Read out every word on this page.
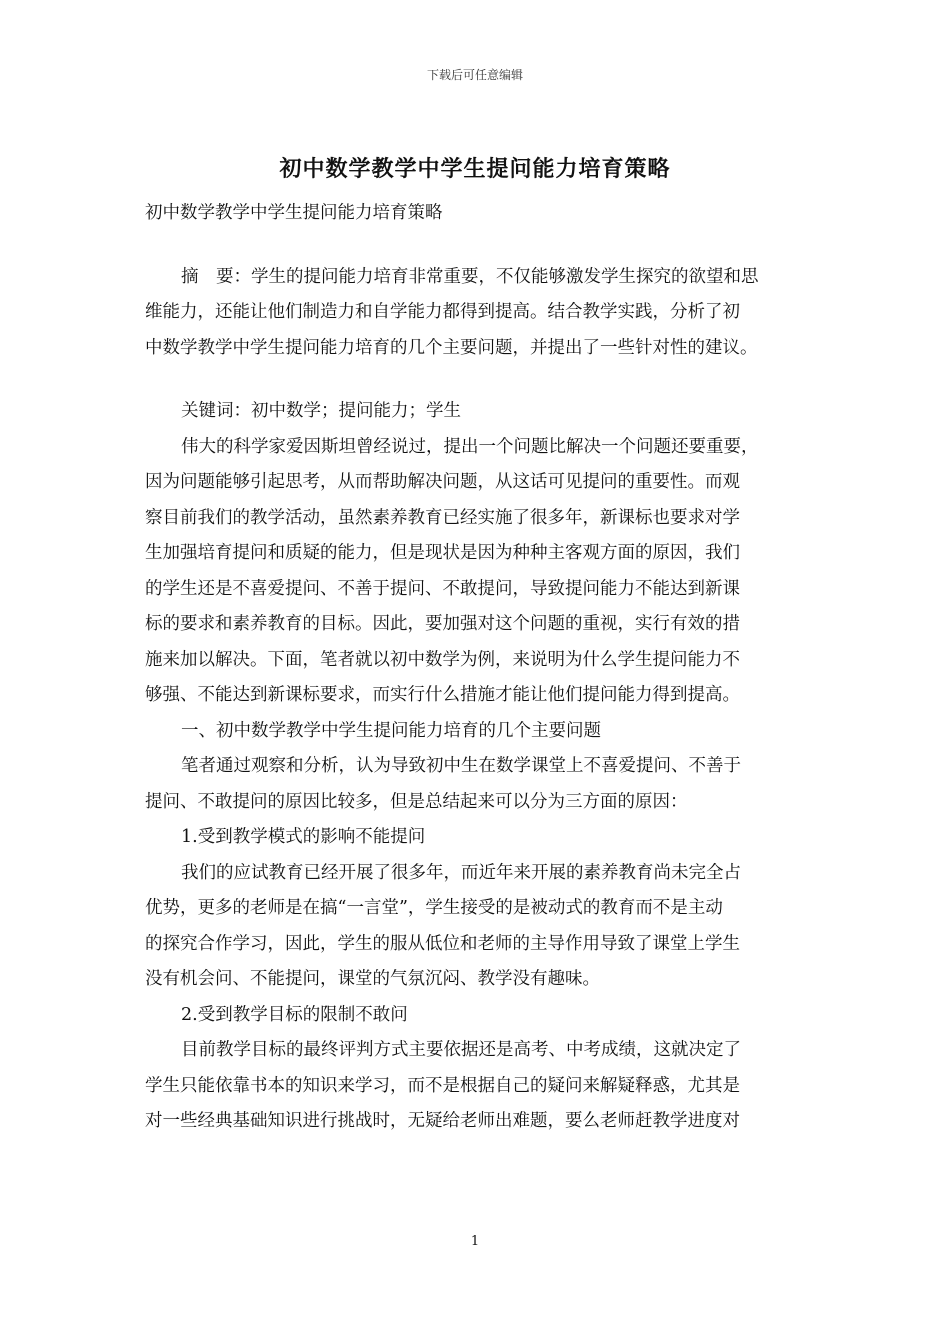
下载后可任意编辑
初中数学教学中学生提问能力培育策略
初中数学教学中学生提问能力培育策略
摘　要：学生的提问能力培育非常重要，不仅能够激发学生探究的欲望和思
维能力，还能让他们制造力和自学能力都得到提高。结合教学实践，分析了初
中数学教学中学生提问能力培育的几个主要问题，并提出了一些针对性的建议。
关键词：初中数学；提问能力；学生
伟大的科学家爱因斯坦曾经说过，提出一个问题比解决一个问题还要重要，
因为问题能够引起思考，从而帮助解决问题，从这话可见提问的重要性。而观
察目前我们的教学活动，虽然素养教育已经实施了很多年，新课标也要求对学
生加强培育提问和质疑的能力，但是现状是因为种种主客观方面的原因，我们
的学生还是不喜爱提问、不善于提问、不敢提问，导致提问能力不能达到新课
标的要求和素养教育的目标。因此，要加强对这个问题的重视，实行有效的措
施来加以解决。下面，笔者就以初中数学为例，来说明为什么学生提问能力不
够强、不能达到新课标要求，而实行什么措施才能让他们提问能力得到提高。
一、初中数学教学中学生提问能力培育的几个主要问题
笔者通过观察和分析，认为导致初中生在数学课堂上不喜爱提问、不善于
提问、不敢提问的原因比较多，但是总结起来可以分为三方面的原因：
1.受到教学模式的影响不能提问
我们的应试教育已经开展了很多年，而近年来开展的素养教育尚未完全占
优势，更多的老师是在搞“一言堂”，学生接受的是被动式的教育而不是主动
的探究合作学习，因此，学生的服从低位和老师的主导作用导致了课堂上学生
没有机会问、不能提问，课堂的气氛沉闷、教学没有趣味。
2.受到教学目标的限制不敢问
目前教学目标的最终评判方式主要依据还是高考、中考成绩，这就决定了
学生只能依靠书本的知识来学习，而不是根据自己的疑问来解疑释惑，尤其是
对一些经典基础知识进行挑战时，无疑给老师出难题，要么老师赶教学进度对
1
